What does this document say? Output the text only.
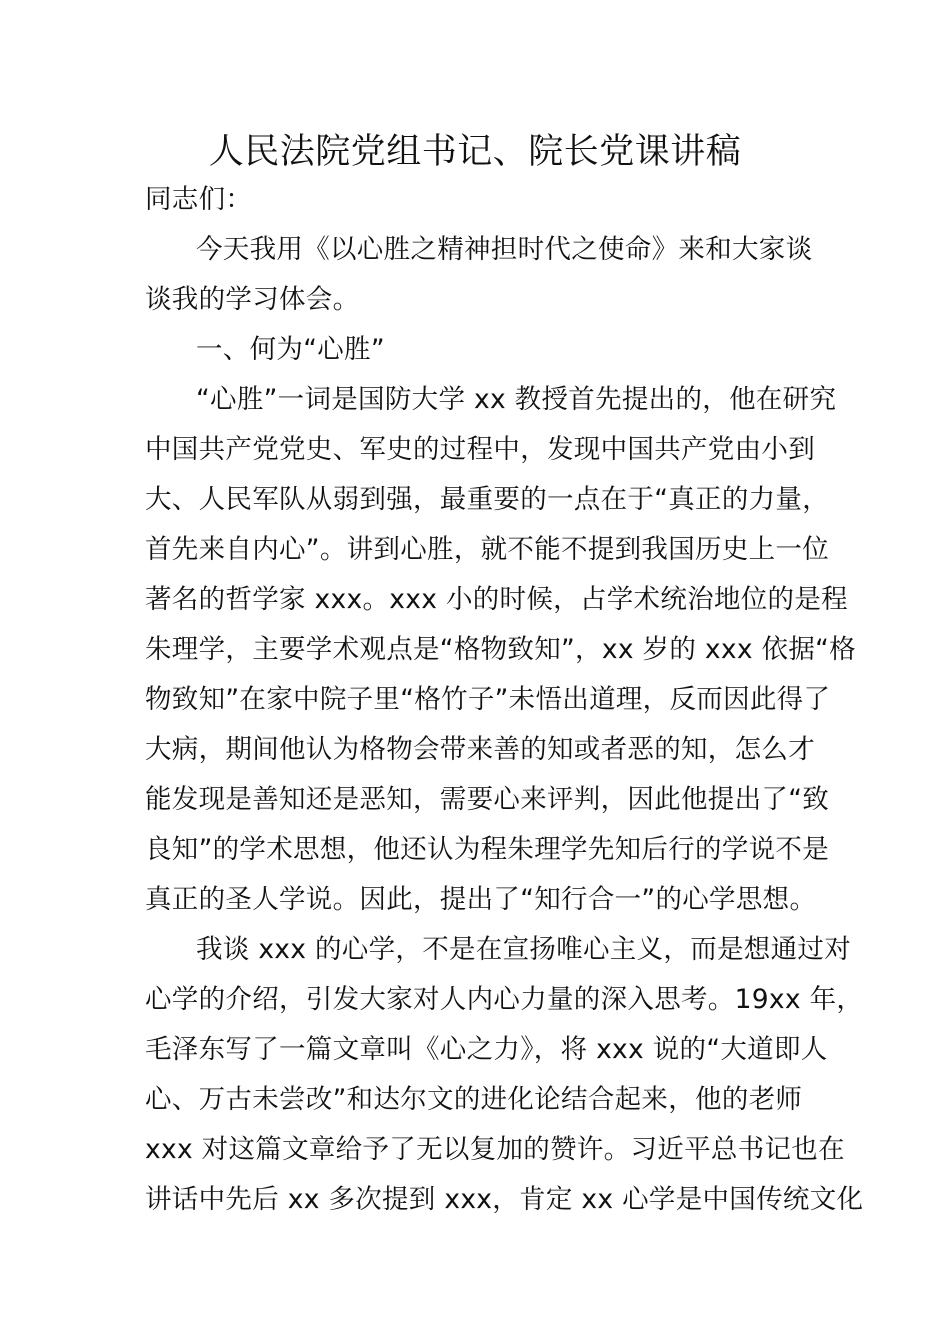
人民法院党组书记、院长党课讲稿
同志们：
今天我用《以心胜之精神担时代之使命》来和大家谈
谈我的学习体会。
一、何为“心胜”
“心胜”一词是国防大学 xx 教授首先提出的，他在研究
中国共产党党史、军史的过程中，发现中国共产党由小到
大、人民军队从弱到强，最重要的一点在于“真正的力量，
首先来自内心”。讲到心胜，就不能不提到我国历史上一位
著名的哲学家 xxx。xxx 小的时候，占学术统治地位的是程
朱理学，主要学术观点是“格物致知”，xx 岁的 xxx 依据“格
物致知”在家中院子里“格竹子”未悟出道理，反而因此得了
大病，期间他认为格物会带来善的知或者恶的知，怎么才
能发现是善知还是恶知，需要心来评判，因此他提出了“致
良知”的学术思想，他还认为程朱理学先知后行的学说不是
真正的圣人学说。因此，提出了“知行合一”的心学思想。
我谈 xxx 的心学，不是在宣扬唯心主义，而是想通过对
心学的介绍，引发大家对人内心力量的深入思考。19xx 年，
毛泽东写了一篇文章叫《心之力》，将 xxx 说的“大道即人
心、万古未尝改”和达尔文的进化论结合起来，他的老师
xxx 对这篇文章给予了无以复加的赞许。习近平总书记也在
讲话中先后 xx 多次提到 xxx，肯定 xx 心学是中国传统文化
